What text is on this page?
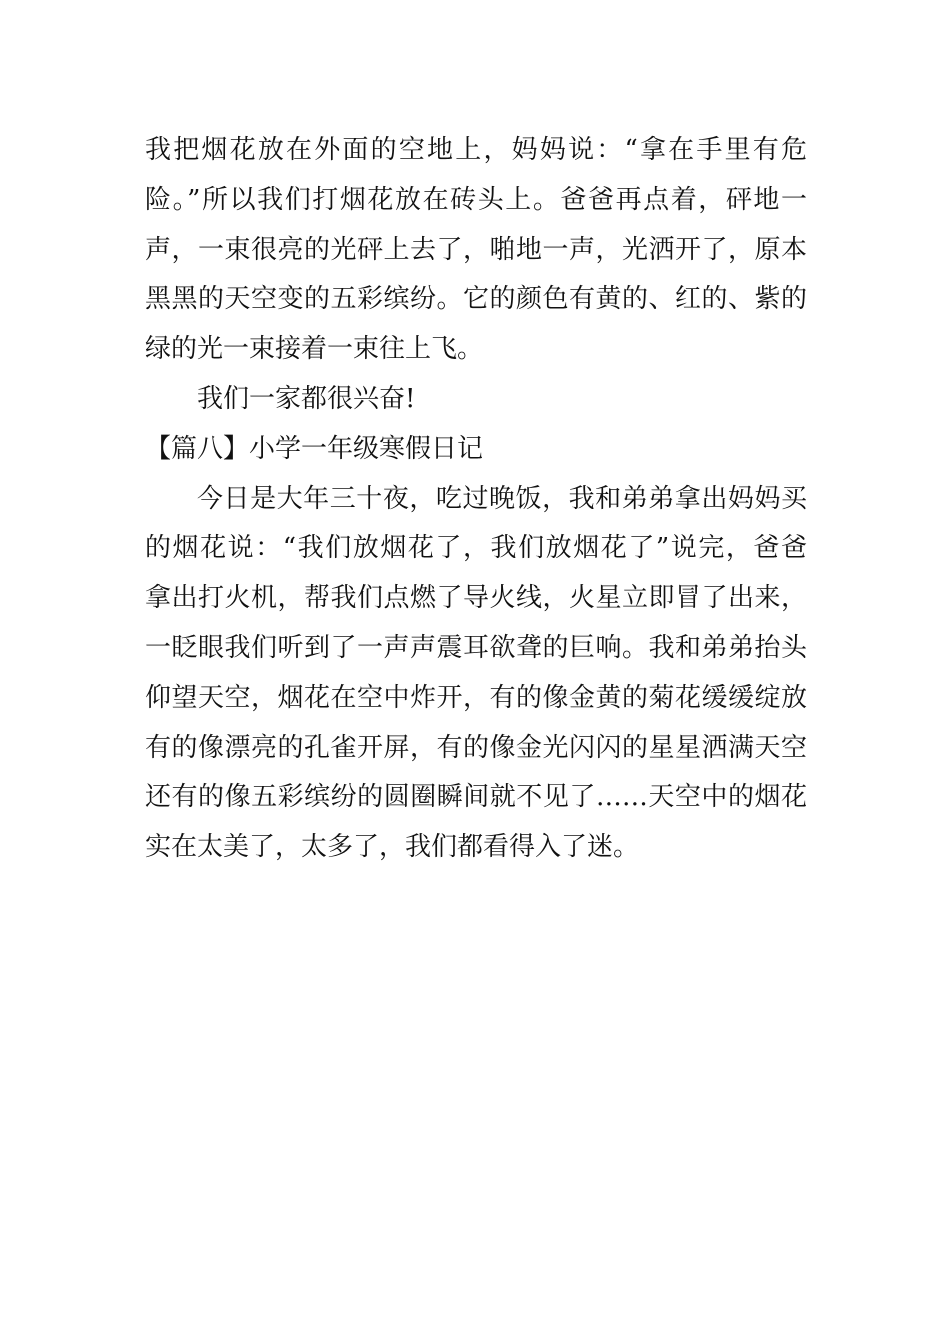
我把烟花放在外面的空地上，妈妈说：“拿在手里有危
险。”所以我们打烟花放在砖头上。爸爸再点着，砰地一
声，一束很亮的光砰上去了，啪地一声，光洒开了，原本
黑黑的天空变的五彩缤纷。它的颜色有黄的、红的、紫的
绿的光一束接着一束往上飞。
我们一家都很兴奋!
【篇八】小学一年级寒假日记
今日是大年三十夜，吃过晚饭，我和弟弟拿出妈妈买
的烟花说：“我们放烟花了，我们放烟花了”说完，爸爸
拿出打火机，帮我们点燃了导火线，火星立即冒了出来，
一眨眼我们听到了一声声震耳欲聋的巨响。我和弟弟抬头
仰望天空，烟花在空中炸开，有的像金黄的菊花缓缓绽放
有的像漂亮的孔雀开屏，有的像金光闪闪的星星洒满天空
还有的像五彩缤纷的圆圈瞬间就不见了……天空中的烟花
实在太美了，太多了，我们都看得入了迷。
